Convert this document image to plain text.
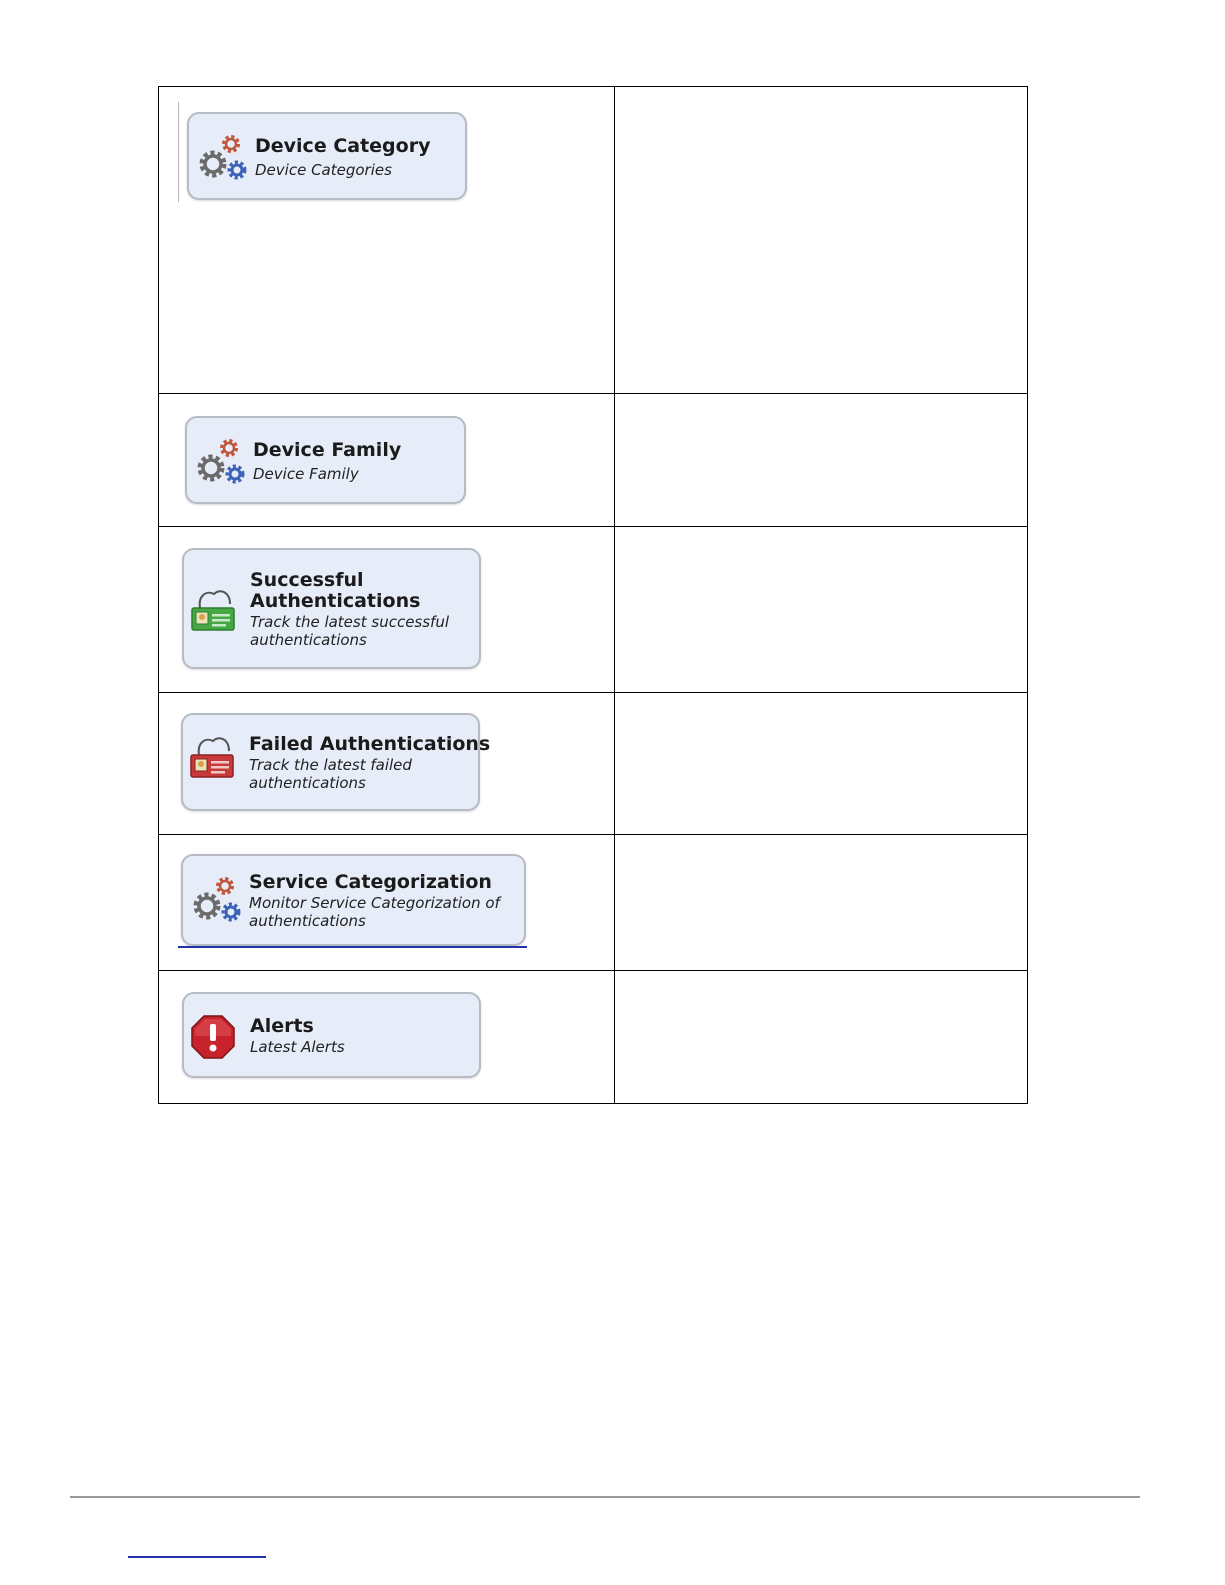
Device Category
Device Categories
Device Family
Device Family
Successful Authentications
Track the latest successful authentications
Failed Authentications
Track the latest failed authentications
Service Categorization
Monitor Service Categorization of authentications
Alerts
Latest Alerts
